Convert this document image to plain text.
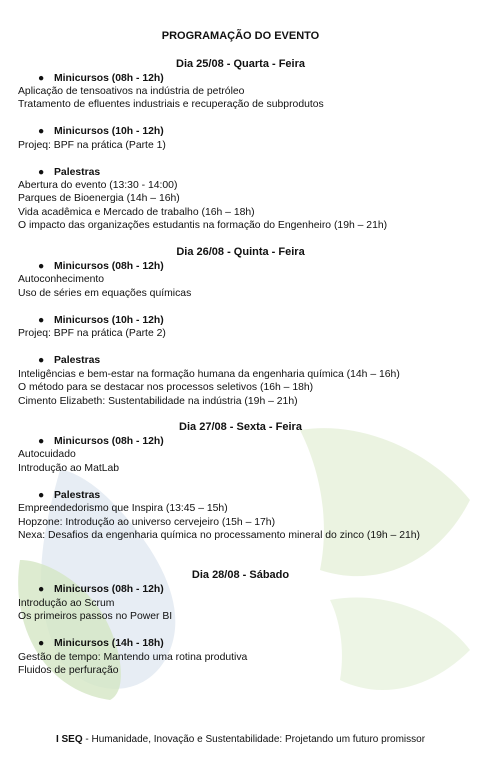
PROGRAMAÇÃO DO EVENTO
Dia 25/08 - Quarta - Feira
● Minicursos (08h - 12h)
Aplicação de tensoativos na indústria de petróleo
Tratamento de efluentes industriais e recuperação de subprodutos
● Minicursos (10h - 12h)
Projeq: BPF na prática (Parte 1)
● Palestras
Abertura do evento (13:30 - 14:00)
Parques de Bioenergia (14h – 16h)
Vida acadêmica e Mercado de trabalho (16h – 18h)
O impacto das organizações estudantis na formação do Engenheiro (19h – 21h)
Dia 26/08 - Quinta - Feira
● Minicursos (08h - 12h)
Autoconhecimento
Uso de séries em equações químicas
● Minicursos (10h - 12h)
Projeq: BPF na prática (Parte 2)
● Palestras
Inteligências e bem-estar na formação humana da engenharia química (14h – 16h)
O método para se destacar nos processos seletivos (16h – 18h)
Cimento Elizabeth: Sustentabilidade na indústria (19h – 21h)
Dia 27/08 - Sexta - Feira
● Minicursos (08h - 12h)
Autocuidado
Introdução ao MatLab
● Palestras
Empreendedorismo que Inspira (13:45 – 15h)
Hopzone: Introdução ao universo cervejeiro (15h – 17h)
Nexa: Desafios da engenharia química no processamento mineral do zinco (19h – 21h)
Dia 28/08 - Sábado
● Minicursos (08h - 12h)
Introdução ao Scrum
Os primeiros passos no Power BI
● Minicursos (14h - 18h)
Gestão de tempo: Mantendo uma rotina produtiva
Fluidos de perfuração
I SEQ - Humanidade, Inovação e Sustentabilidade: Projetando um futuro promissor
